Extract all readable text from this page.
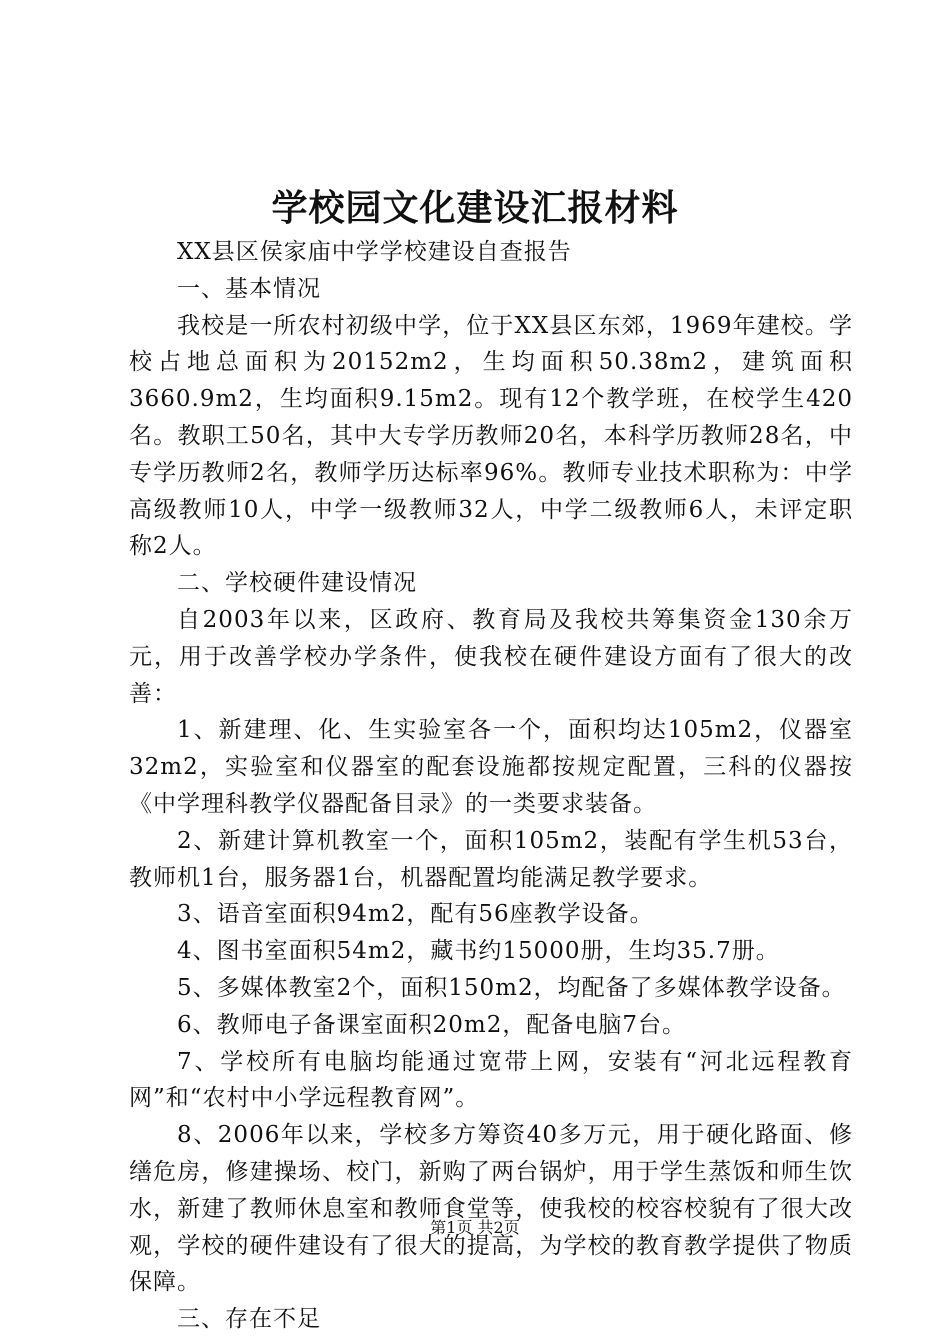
学校园文化建设汇报材料

XX县区侯家庙中学学校建设自查报告

一、基本情况

我校是一所农村初级中学，位于XX县区东郊，1969年建校。学校占地总面积为20152m2，生均面积50.38m2，建筑面积3660.9m2，生均面积9.15m2。现有12个教学班，在校学生420名。教职工50名，其中大专学历教师20名，本科学历教师28名，中专学历教师2名，教师学历达标率96%。教师专业技术职称为：中学高级教师10人，中学一级教师32人，中学二级教师6人，未评定职称2人。

二、学校硬件建设情况

自2003年以来，区政府、教育局及我校共筹集资金130余万元，用于改善学校办学条件，使我校在硬件建设方面有了很大的改善：

1、新建理、化、生实验室各一个，面积均达105m2，仪器室32m2，实验室和仪器室的配套设施都按规定配置，三科的仪器按《中学理科教学仪器配备目录》的一类要求装备。

2、新建计算机教室一个，面积105m2，装配有学生机53台，教师机1台，服务器1台，机器配置均能满足教学要求。

3、语音室面积94m2，配有56座教学设备。

4、图书室面积54m2，藏书约15000册，生均35.7册。

5、多媒体教室2个，面积150m2，均配备了多媒体教学设备。

6、教师电子备课室面积20m2，配备电脑7台。

7、学校所有电脑均能通过宽带上网，安装有“河北远程教育网”和“农村中小学远程教育网”。

8、2006年以来，学校多方筹资40多万元，用于硬化路面、修缮危房，修建操场、校门，新购了两台锅炉，用于学生蒸饭和师生饮水，新建了教师休息室和教师食堂等，使我校的校容校貌有了很大改观，学校的硬件建设有了很大的提高，为学校的教育教学提供了物质保障。

三、存在不足

第1页 共2页
